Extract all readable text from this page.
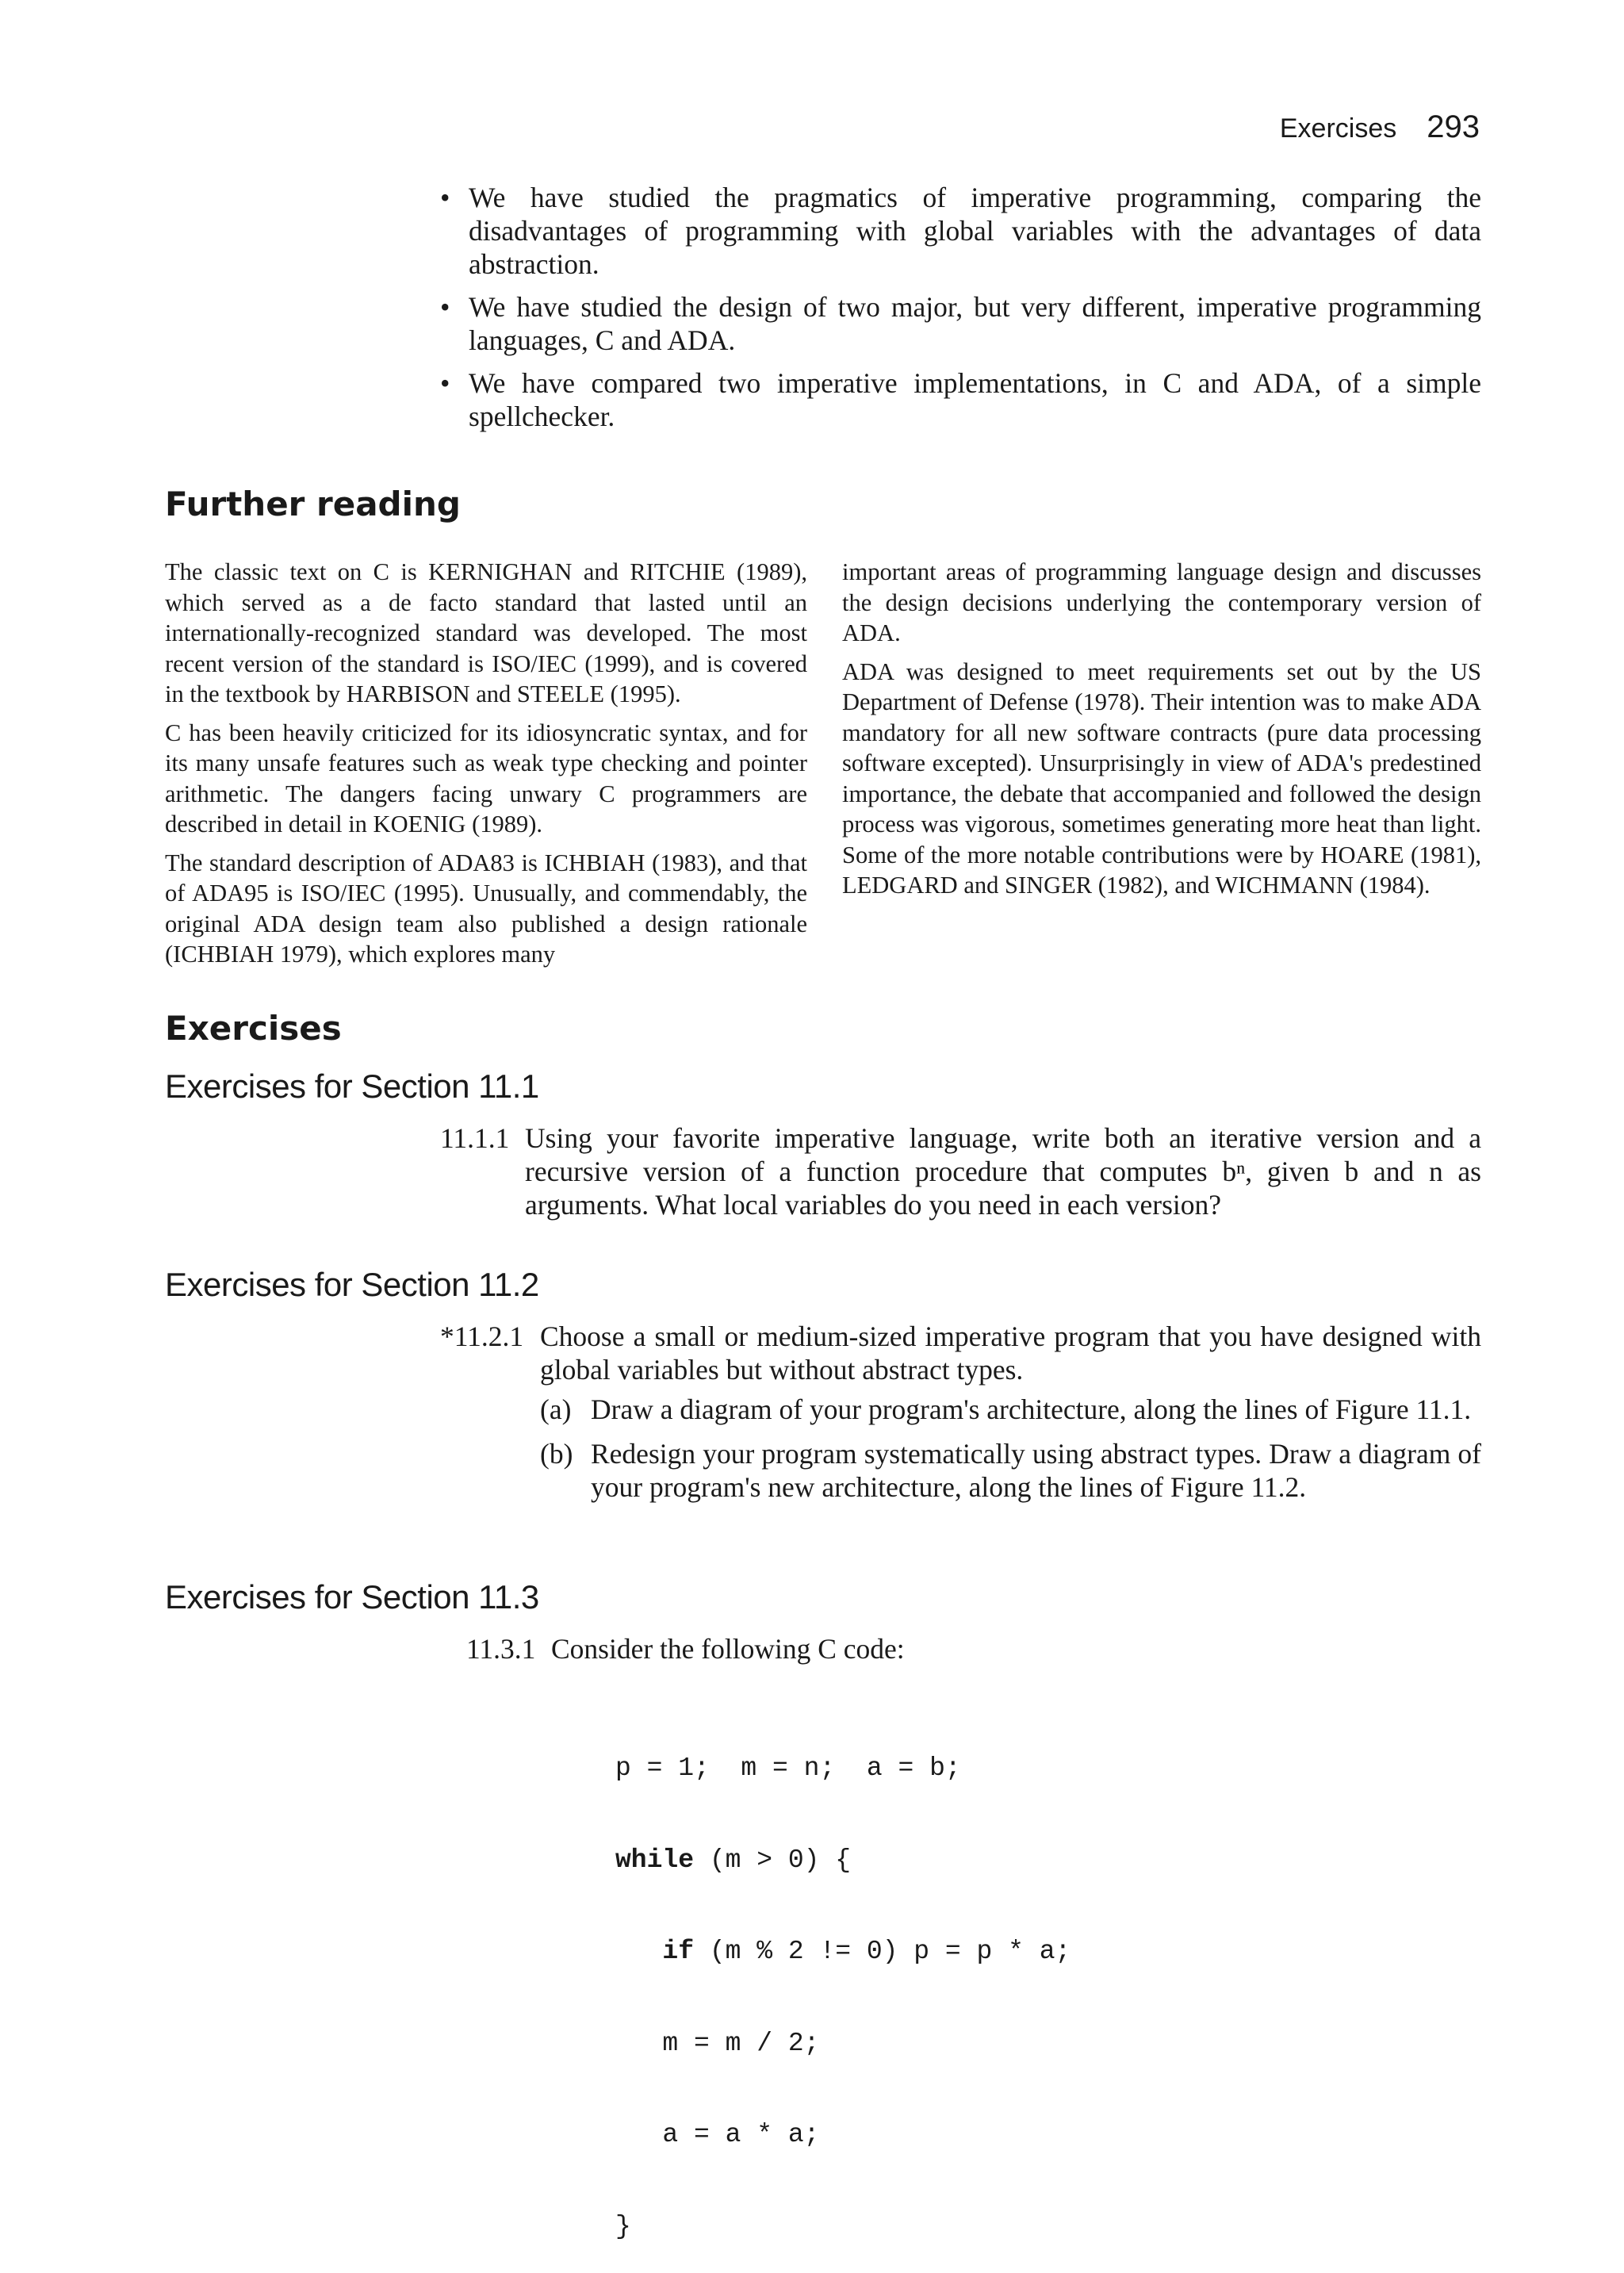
Exercises 293
• We have studied the pragmatics of imperative programming, comparing the disadvantages of programming with global variables with the advantages of data abstraction.
• We have studied the design of two major, but very different, imperative programming languages, C and ADA.
• We have compared two imperative implementations, in C and ADA, of a simple spellchecker.
Further reading

The classic text on C is KERNIGHAN and RITCHIE (1989), which served as a de facto standard that lasted until an internationally-recognized standard was developed. The most recent version of the standard is ISO/IEC (1999), and is covered in the textbook by HARBISON and STEELE (1995).

C has been heavily criticized for its idiosyncratic syntax, and for its many unsafe features such as weak type checking and pointer arithmetic. The dangers facing unwary C programmers are described in detail in KOENIG (1989).

The standard description of ADA83 is ICHBIAH (1983), and that of ADA95 is ISO/IEC (1995). Unusually, and commendably, the original ADA design team also published a design rationale (ICHBIAH 1979), which explores many

important areas of programming language design and discusses the design decisions underlying the contemporary version of ADA.

ADA was designed to meet requirements set out by the US Department of Defense (1978). Their intention was to make ADA mandatory for all new software contracts (pure data processing software excepted). Unsurprisingly in view of ADA's predestined importance, the debate that accompanied and followed the design process was vigorous, sometimes generating more heat than light. Some of the more notable contributions were by HOARE (1981), LEDGARD and SINGER (1982), and WICHMANN (1984).

Exercises
Exercises for Section 11.1
11.1.1 Using your favorite imperative language, write both an iterative version and a recursive version of a function procedure that computes bⁿ, given b and n as arguments. What local variables do you need in each version?
Exercises for Section 11.2
*11.2.1 Choose a small or medium-sized imperative program that you have designed with global variables but without abstract types.
(a) Draw a diagram of your program's architecture, along the lines of Figure 11.1.
(b) Redesign your program systematically using abstract types. Draw a diagram of your program's new architecture, along the lines of Figure 11.2.
Exercises for Section 11.3
11.3.1 Consider the following C code:

p = 1;  m = n;  a = b;

while (m > 0) {

if (m % 2 != 0) p = p * a;

m = m / 2;

a = a * a;

}
